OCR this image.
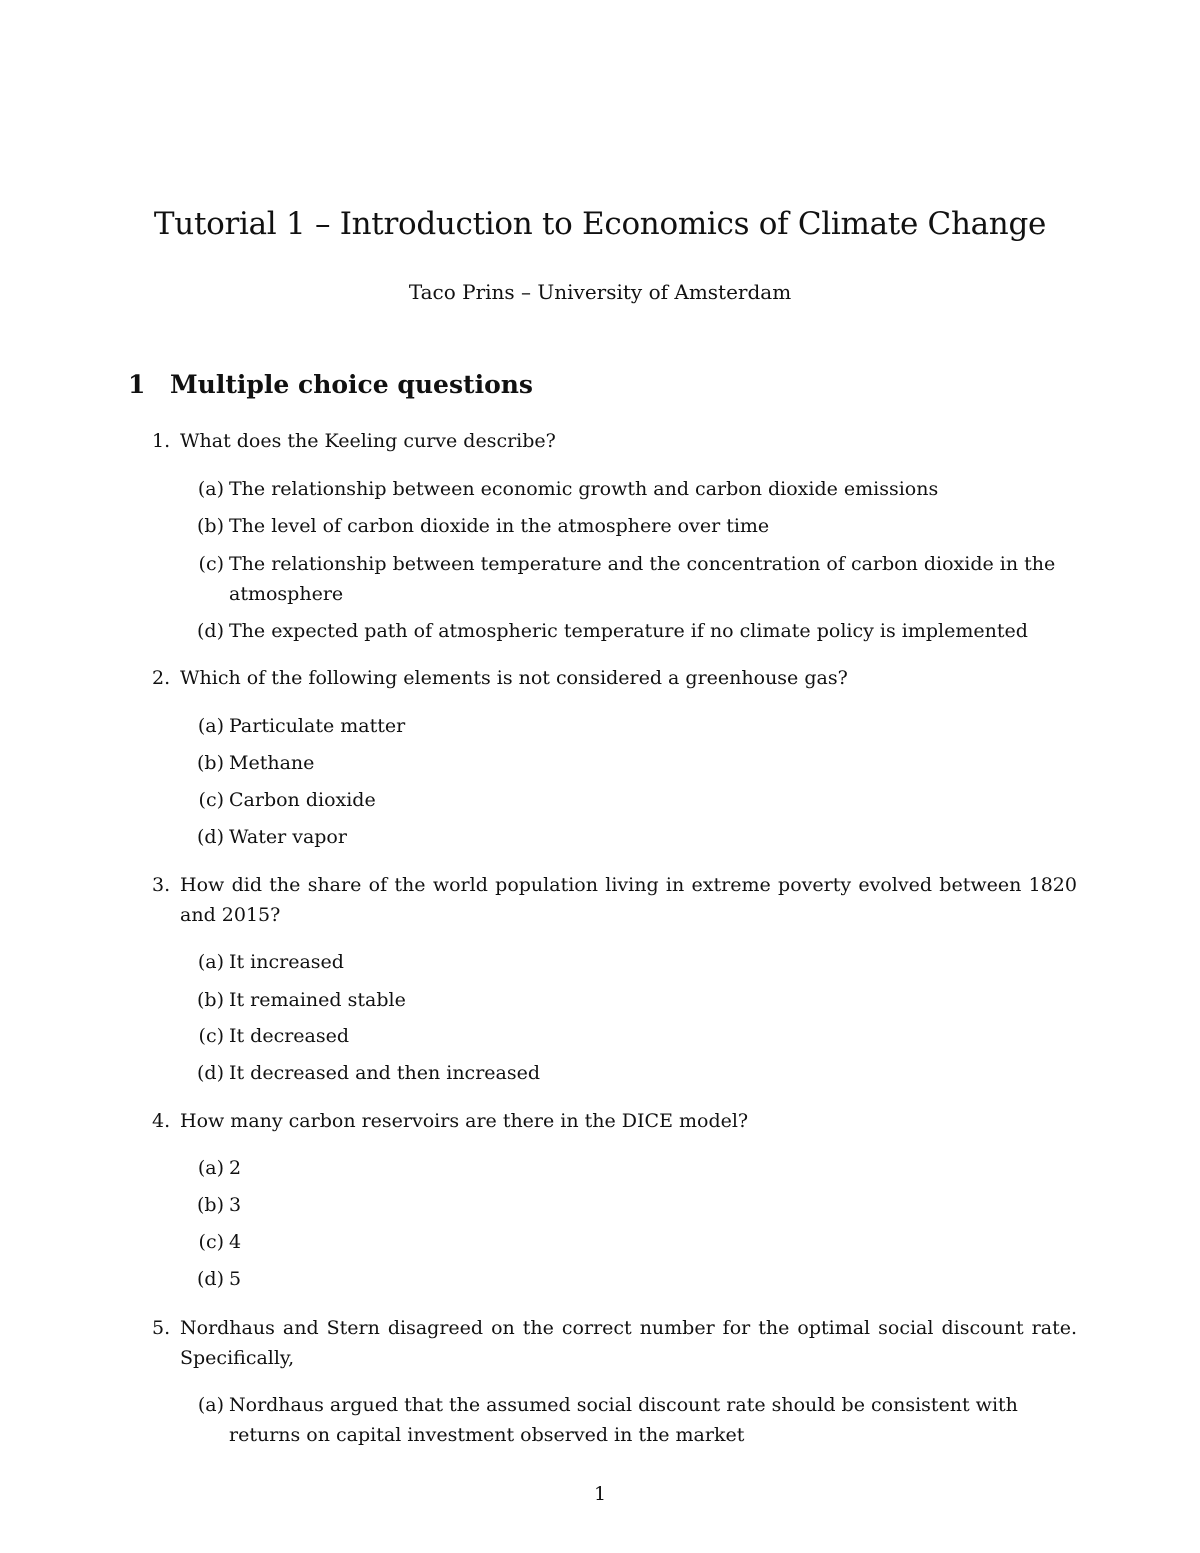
Tutorial 1 – Introduction to Economics of Climate Change
Taco Prins – University of Amsterdam
1 Multiple choice questions
1. What does the Keeling curve describe?
(a) The relationship between economic growth and carbon dioxide emissions
(b) The level of carbon dioxide in the atmosphere over time
(c) The relationship between temperature and the concentration of carbon dioxide in the atmosphere
(d) The expected path of atmospheric temperature if no climate policy is implemented
2. Which of the following elements is not considered a greenhouse gas?
(a) Particulate matter
(b) Methane
(c) Carbon dioxide
(d) Water vapor
3. How did the share of the world population living in extreme poverty evolved between 1820 and 2015?
(a) It increased
(b) It remained stable
(c) It decreased
(d) It decreased and then increased
4. How many carbon reservoirs are there in the DICE model?
(a) 2
(b) 3
(c) 4
(d) 5
5. Nordhaus and Stern disagreed on the correct number for the optimal social discount rate. Specifically,
(a) Nordhaus argued that the assumed social discount rate should be consistent with returns on capital investment observed in the market
1
